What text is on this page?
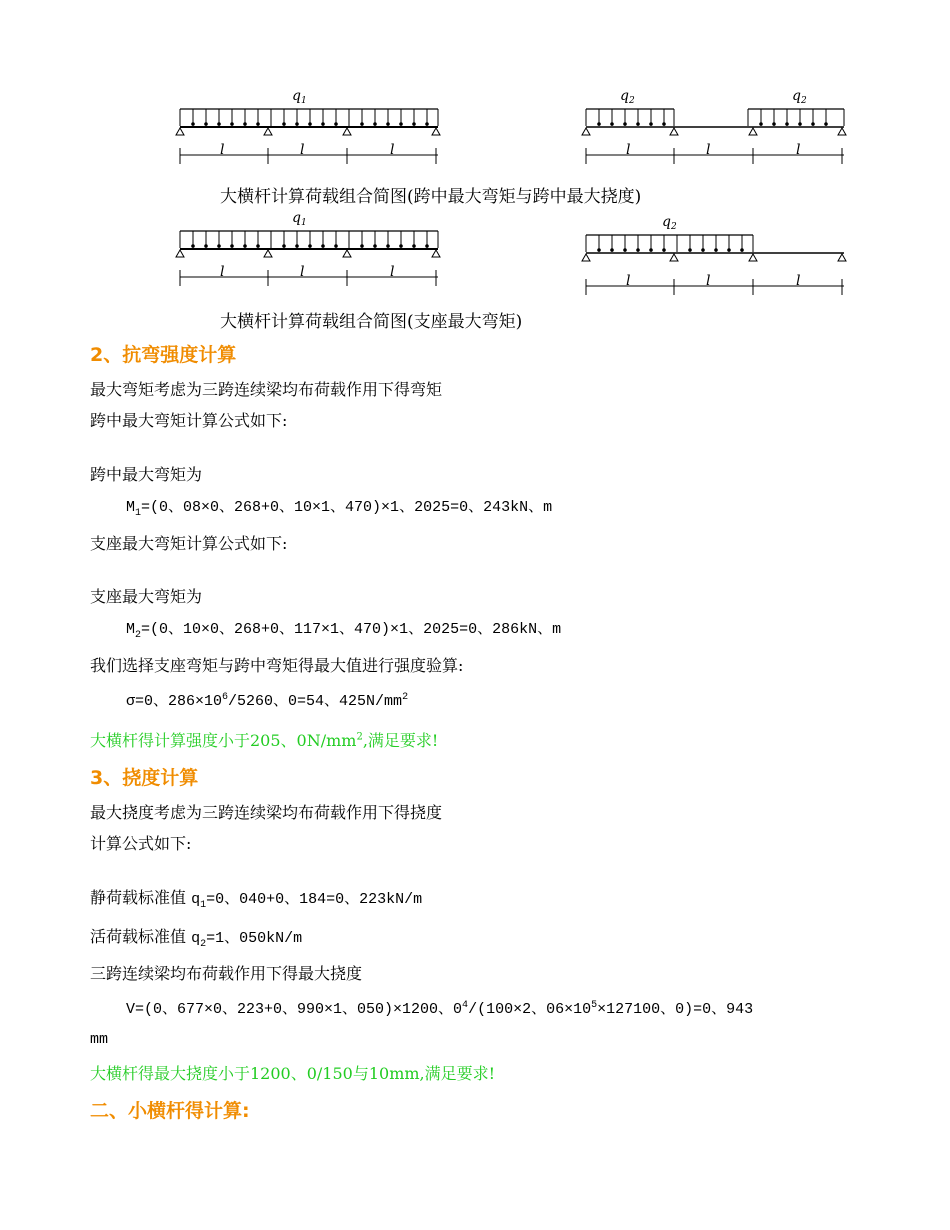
$q_1$
l	l	l
$q_2$	$q_2$
l	l	l
大横杆计算荷载组合简图(跨中最大弯矩与跨中最大挠度)
$q_1$
l	l	l
$q_2$
l	l	l
大横杆计算荷载组合简图(支座最大弯矩)
2、抗弯强度计算
最大弯矩考虑为三跨连续梁均布荷载作用下得弯矩
跨中最大弯矩计算公式如下:
跨中最大弯矩为
$M_1=(0$、08×0、268+0、10×1、470)×1、2025=0、243kN、m
支座最大弯矩计算公式如下:
支座最大弯矩为
$M_2=(0$、10×0、268+0、117×1、470)×1、2025=0、286kN、m
我们选择支座弯矩与跨中弯矩得最大值进行强度验算:
σ=0、$286\times 10^6/5260$、0=54、$425N/mm^2$
大横杆得计算强度小于205、$0N/mm^2$,满足要求!
3、挠度计算
最大挠度考虑为三跨连续梁均布荷载作用下得挠度
计算公式如下:
静荷载标准值 $q_1=0$、040+0、184=0、223kN/m
活荷载标准值 $q_2=1$、050kN/m
三跨连续梁均布荷载作用下得最大挠度
V=(0、677×0、223+0、990×1、050)×1200、$0^4/(100\times 2$、$06\times 10^5\times 127100$、0)=0、943
mm
大横杆得最大挠度小于1200、0/150与10mm,满足要求!
二、小横杆得计算:
